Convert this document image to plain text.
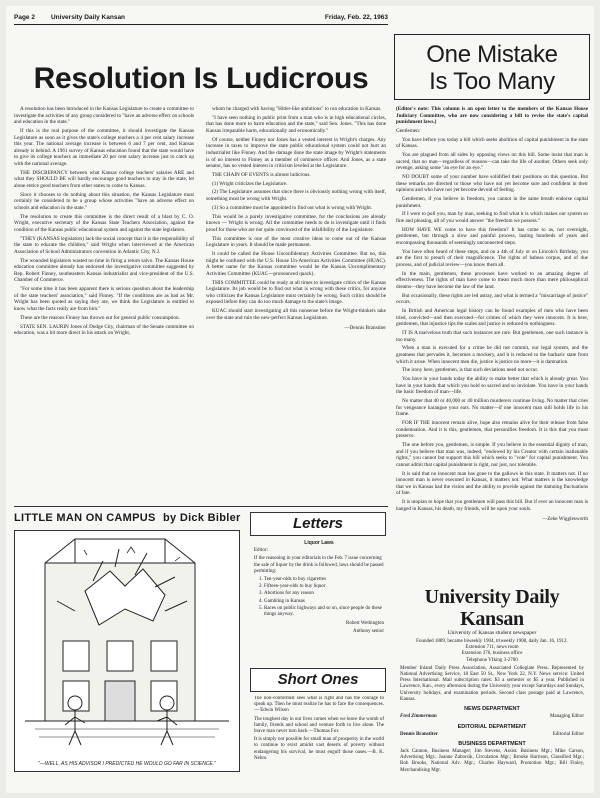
Page 2 University Daily Kansan	Friday, Feb. 22, 1963
Resolution Is Ludicrous

A resolution has been introduced in the Kansas Legislature to create a committee to investigate the activities of any group considered to "have an adverse effect on schools and education in the state."

If this is the real purpose of the committee, it should investigate the Kansas Legislature as soon as it gives the state's college teachers a 4 per cent salary increase this year. The national average increase is between 6 and 7 per cent, and Kansas already is behind. A 1961 survey of Kansas education found that the state would have to give its college teachers an immediate 20 per cent salary increase just to catch up with the national average.

THE DISCREPANCY between what Kansas college teachers' salaries ARE and what they SHOULD BE will hardly encourage good teachers to stay in the state, let alone entice good teachers from other states to come to Kansas.

Since it chooses to do nothing about this situation, the Kansas Legislature must certainly be considered to be a group whose activities "have an adverse effect on schools and education in the state."

The resolution to create this committee is the direct result of a blast by C. O. Wright, executive secretary of the Kansas State Teachers Association, against the condition of the Kansas public educational system and against the state legislators.

"THEY (KANSAS legislators) lack the social concept that it is the responsibility of the state to educate the children," said Wright when interviewed at the American Association of School Administrators convention in Atlantic City, N.J.

The wounded legislators wasted no time in firing a return salvo. The Kansas House education committee already has endorsed the investigative committee suggested by Rep. Robert Finney, southeastern Kansas industrialist and vice-president of the U.S. Chamber of Commerce.

"For some time it has been apparent there is serious question about the leadership of the state teachers' association," said Finney. "If the conditions are as bad as Mr. Wright has been quoted as saying they are, we think the Legislature is entitled to know what the facts really are from him."

These are the reasons Finney has thrown out for general public consumption.

STATE SEN. LAURIN Jones of Dodge City, chairman of the Senate committee on education, was a bit more direct in his attack on Wright,

whom he charged with having "Hitler-like ambitions" to run education in Kansas.

"I have seen nothing in public print from a man who is in high educational circles, that has done more to harm education and the state," said Sen. Jones. "This has done Kansas irreparable harm, educationally and economically."

Of course, neither Finney nor Jones has a vested interest in Wright's charges. Any increase in taxes to improve the state public educational system could not hurt an industrialist like Finney. And the damage done the state image by Wright's statements is of no interest to Finney as a member of commerce officer. And Jones, as a state senator, has no vested interest in criticism leveled at the Legislature.

THE CHAIN OF EVENTS is almost ludicrous.

(1) Wright criticizes the Legislature.

(2) The Legislature assumes that since there is obviously nothing wrong with itself, something must be wrong with Wright.

(3) So a committee must be appointed to find out what is wrong with Wright.

This would be a purely investigative committee, for the conclusions are already known — Wright is wrong. All the committee needs to do is investigate until it finds proof for those who are not quite convinced of the infallibility of the Legislature.

This committee is one of the most creative ideas to come out of the Kansas Legislature in years. It should be made permanent.

It could be called the House Unconfidentary Activities Committee. But no, this might be confused with the U.S. House Un-American Activities Committee (HUAC). A better name for the Kansas committee would be the Kansas Uncomplimentary Activities Committee (KUAC—pronounced quack).

THIS COMMITTEE could be ready at all times to investigate critics of the Kansas Legislature. Its job would be to find out what is wrong with these critics, for anyone who criticizes the Kansas Legislature must certainly be wrong. Such critics should be exposed before they can do too much damage to the state's image.

KUAC should start investigating all this nonsense before the Wright-thinkers take over the state and ruin the new-perfect Kansas Legislature.

—Dennis Branstiter

One Mistake
Is Too Many

(Editor's note: This column is an open letter to the members of the Kansas House Judiciary Committee, who are now considering a bill to revise the state's capital punishment laws.)

Gentlemen:

You have before you today a bill which seeks abolition of capital punishment in the state of Kansas.

You are plagued from all sides by opposing views on this bill. Some insist that man is sacred, that no man—regardless of reasons—can take the life of another. Others seek only revenge, asking some "an eye for an eye."

NO DOUBT some of your number have solidified their positions on this question. But these remarks are directed to those who have not yet become sure and confident in their opinions and who have not yet become devoid of feeling.

Gentlemen, if you believe in freedom, you cannot in the same breath endorse capital punishment.

If I were to poll you, man by man, seeking to find what it is which makes our system so fine and pleasing, all of you would answer "the freedom we possess."

HOW HAVE WE come to have this freedom? It has come to us, not overnight, gentlemen, but through a slow and painful process, lasting hundreds of years and encompassing thousands of seemingly unconnected steps.

You have often heard of these steps, and on a 4th of July or on Lincoln's Birthday, you are the first to preach of their magnificence. The rights of habeas corpus, and of due process, and of judicial review—you know them all.

In the main, gentlemen, these processes have worked to an amazing degree of effectiveness. The rights of man have come to mean much more than mere philosophical dreams—they have become the law of the land.

But occasionally, these rights are led astray, and what is termed a "miscarriage of justice" occurs.

In British and American legal history can be found examples of men who have been tried, convicted—and then executed—for crimes of which they were innocent. It is here, gentlemen, that injustice tips the scales and justice is reduced to nothingness.

IT IS A marvelous truth that such instances are rare. But gentlemen, one such instance is too many.

When a man is executed for a crime he did not commit, our legal system, and the greatness that pervades it, becomes a mockery, and it is reduced to the barbaric state from which it arose. When innocent men die, justice is justice no more—it is damnation.

The irony here, gentlemen, is that such deviations need not occur.

You have in your hands today the ability to make better that which is already great. You have in your hands that which you hold so sacred and so inviolate. You have in your hands the basic freedom of man—life.

No matter that 40 or 40,000 or 40 million murderers continue living. No matter that cries for vengeance harangue your ears. No matter—if one innocent man still holds life in his frame.

FOR IF THE innocent remain alive, hope also remains alive for their release from false condemnation. And it is this, gentlemen, that personifies freedom. It is this that you must preserve.

The one before you, gentlemen, is simple. If you believe in the essential dignity of man, and if you believe that man was, indeed, "endowed by his Creator with certain inalienable rights," you cannot but support this bill which seeks to "vote" for capital punishment. You cannot admit that capital punishment is right, nor just, nor tolerable.

It is said that no innocent man has gone to the gallows in this state. It matters not. If no innocent man is never executed in Kansas, it matters not. What matters is the knowledge that we in Kansas had the vision and the ability to provide against the damning fluctuations of fate.

It is utopian to hope that you gentlemen will pass this bill. But if ever an innocent man is hanged in Kansas, his death, my friends, will be upon your souls.

—Zeke Wigglesworth

LITTLE MAN ON CAMPUS by Dick Bibler
"—WELL, AS HIS ADVISOR I PREDICTED HE WOULD GO FAR IN SCIENCE."
Letters

Liquor Laws

Editor:

If the reasoning in your editorials in the Feb. 7 issue concerning the sale of liquor by the drink is followed, laws should be passed permitting:

1. Ten-year-olds to buy cigarettes
2. Fifteen-year-olds to buy liquor
3. Abortions for any reason
4. Gambling in Kansas
5. Races on public highways and so on, since people do these things anyway.

Robert Wethington

Anthony senior

Short Ones

The non-conformist sees what is right and has the courage to speak up. Then he must realize he has to face the consequences. — Edwin Wilson

The toughest day in our lives comes when we leave the womb of family, friends and school and venture forth to live alone. The brave man never turn back.—Thomas Fox

It is simply not possible for small man of prosperity in the world to continue to exist amidst vast deserts of poverty without endangering his survival, he must engulf those oases.—B. K. Nehru

University Daily Kansan
University of Kansas student newspaper
Founded 1889, became biweekly 1904, triweekly 1908, daily Jan. 16, 1912.
Extension 711, news room
Extension 376, business office
Telephone VIking 3-2700
Member Inland Daily Press Association, Associated Collegiate Press. Represented by National Advertising Service, 18 East 50 St., New York 22, N.Y. News service: United Press International. Mail subscription rates: $3 a semester or $5 a year. Published in Lawrence, Kan., every afternoon during the University year except Saturdays and Sundays, University holidays, and examination periods. Second class postage paid at Lawrence, Kansas.
NEWS DEPARTMENT
Fred Zimmerman	Managing Editor
EDITORIAL DEPARTMENT
Dennis Branstiter	Editorial Editor
BUSINESS DEPARTMENT
Jack Cannon, Business Manager; Jim Stevens, Assist. Business Mgr.; Mike Carson, Advertising Mgr.; Joanne Zaborsik, Circulation Mgr.; Brooke Harrison, Classified Mgr.; Bob Brooks, National Adv. Mgr.; Charles Hayward, Promotion Mgr.; Bill Finley, Merchandising Mgr.
